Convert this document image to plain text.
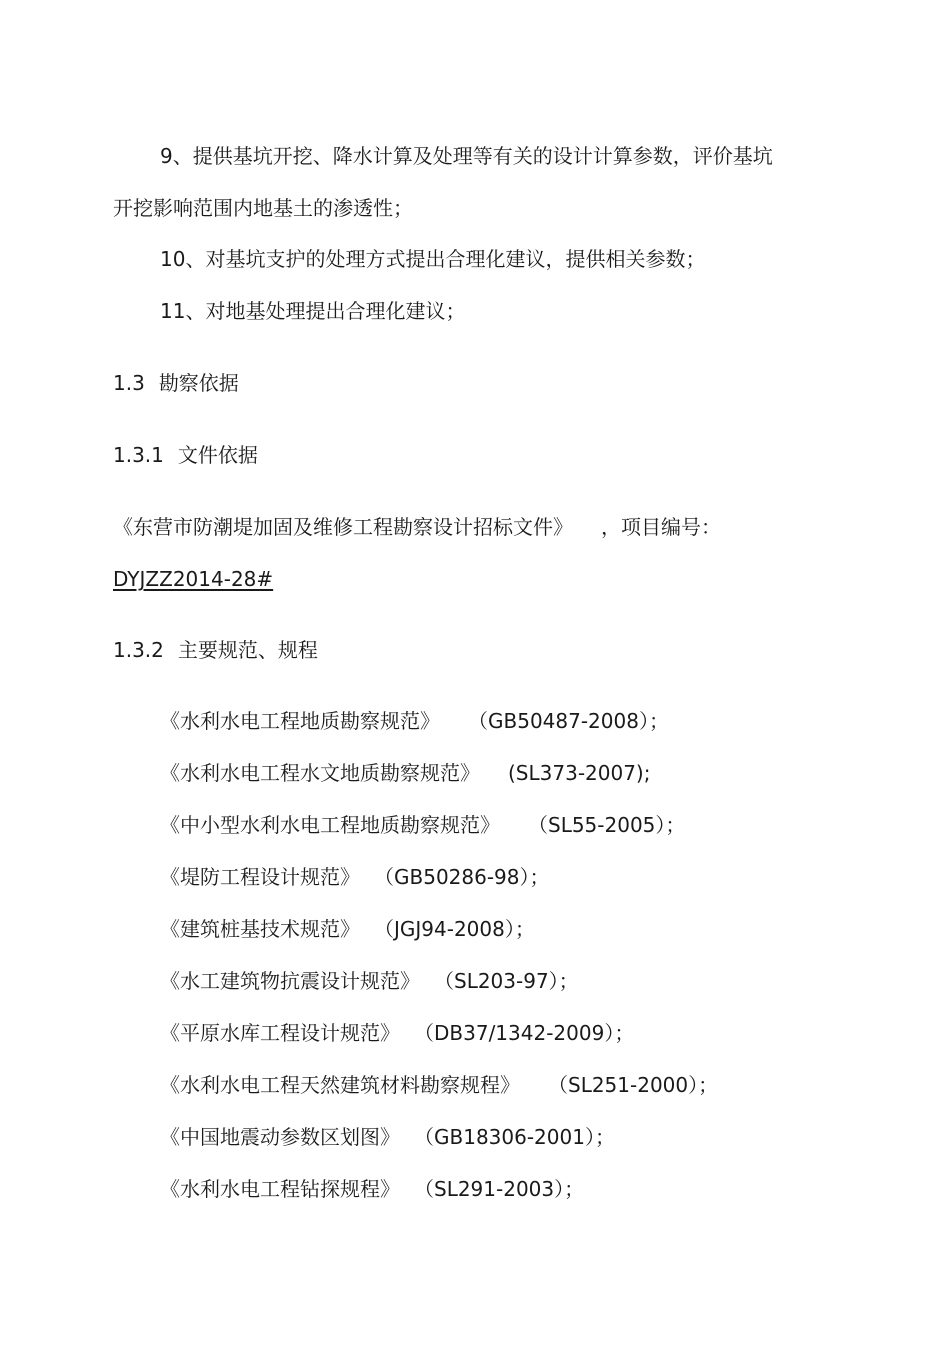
9、提供基坑开挖、降水计算及处理等有关的设计计算参数，评价基坑
开挖影响范围内地基土的渗透性；
10、对基坑支护的处理方式提出合理化建议，提供相关参数；
11、对地基处理提出合理化建议；
1.3 勘察依据
1.3.1 文件依据
《东营市防潮堤加固及维修工程勘察设计招标文件》 ，项目编号：
DYJZZ2014-28#
1.3.2 主要规范、规程
《水利水电工程地质勘察规范》 （GB50487-2008）；
《水利水电工程水文地质勘察规范》 (SL373-2007);
《中小型水利水电工程地质勘察规范》 （SL55-2005）；
《堤防工程设计规范》 （GB50286-98）；
《建筑桩基技术规范》 （JGJ94-2008）；
《水工建筑物抗震设计规范》 （SL203-97）；
《平原水库工程设计规范》 （DB37/1342-2009）；
《水利水电工程天然建筑材料勘察规程》 （SL251-2000）；
《中国地震动参数区划图》 （GB18306-2001）；
《水利水电工程钻探规程》 （SL291-2003）；
